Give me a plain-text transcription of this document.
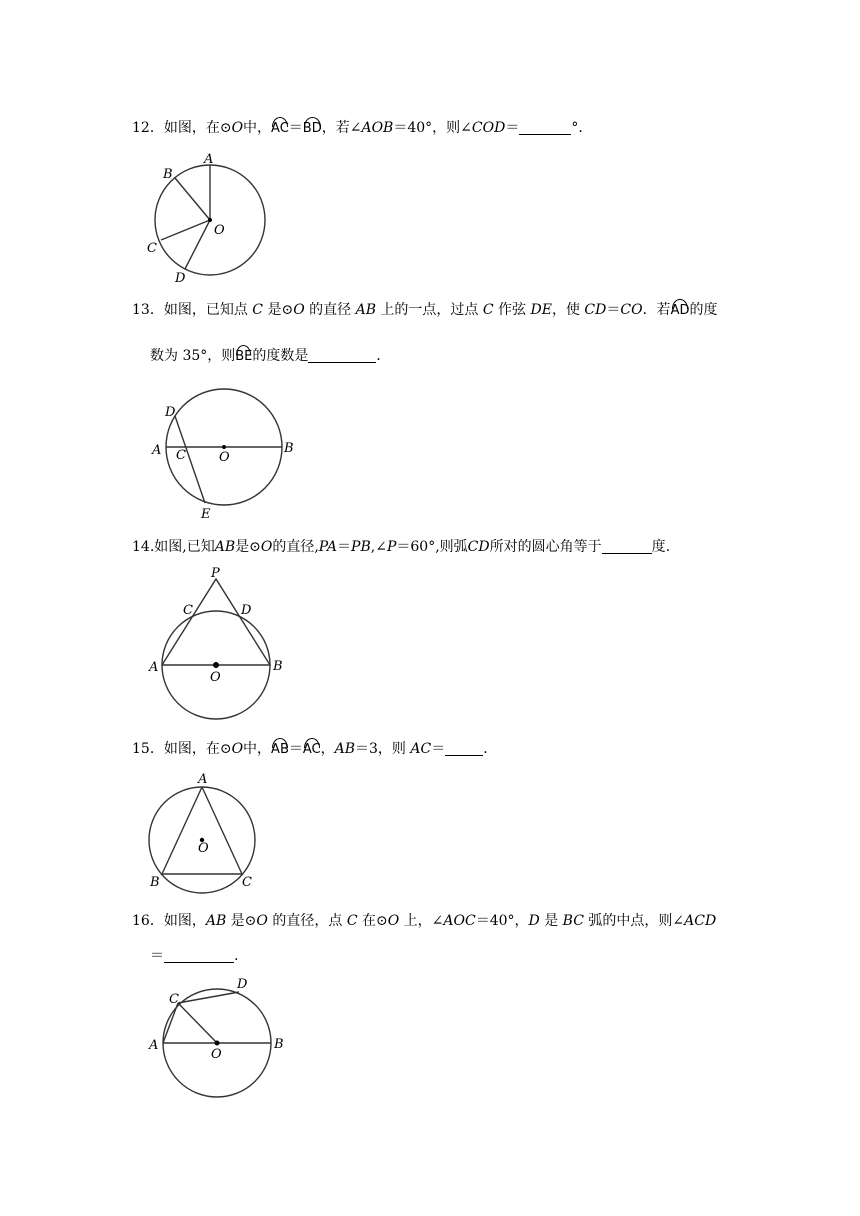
12．如图，在⊙O中，AC＝BD，若∠AOB＝40°，则∠COD＝	°．
A
B
C
D
O
13．如图，已知点 C 是⊙O 的直径 AB 上的一点，过点 C 作弦 DE，使 CD＝CO．若AD的度
数为 35°，则BE的度数是	．
D
A C	O
B
E
14.如图,已知AB是⊙O的直径,PA＝PB,∠P＝60°,则弧CD所对的圆心角等于	度.
P
C	D
A	B
O
15．如图，在⊙O中，AB＝AC，AB＝3，则 AC＝	．
A
O
B	C
16．如图，AB 是⊙O 的直径，点 C 在⊙O 上，∠AOC＝40°，D 是 BC 弧的中点，则∠ACD
＝	.
C
D
A	B
O
